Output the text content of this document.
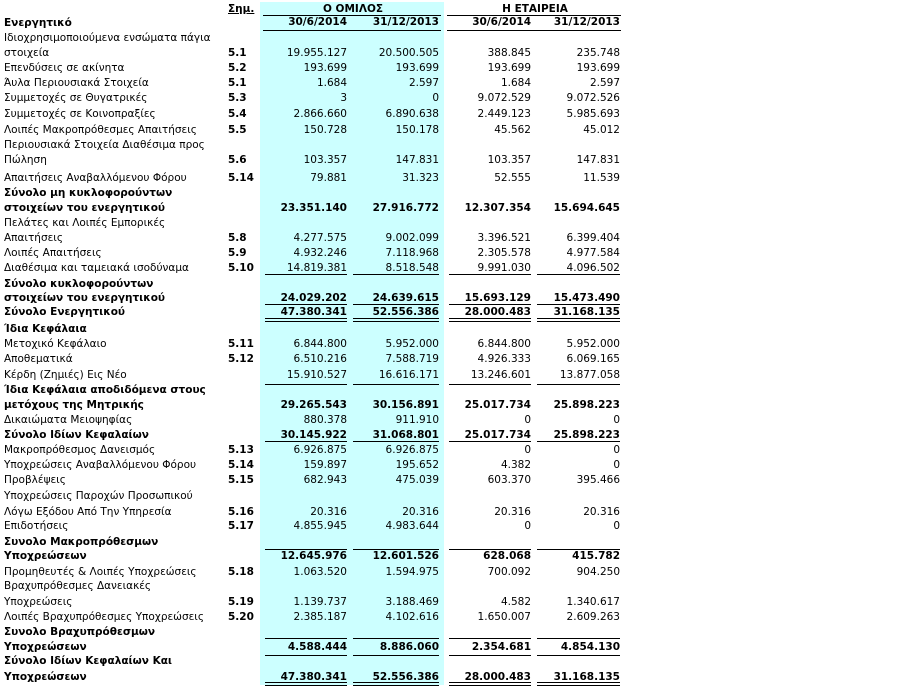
Σημ.	Ο ΟΜΙΛΟΣ	Η ΕΤΑΙΡΕΙΑ
30/6/2014	31/12/2013	30/6/2014	31/12/2013
Ενεργητικό
Ιδιοχρησιμοποιούμενα ενσώματα πάγια
στοιχεία	5.1	19.955.127	20.500.505	388.845	235.748
Επενδύσεις σε ακίνητα	5.2	193.699	193.699	193.699	193.699
Άυλα Περιουσιακά Στοιχεία	5.1	1.684	2.597	1.684	2.597
Συμμετοχές σε Θυγατρικές	5.3	3	0	9.072.529	9.072.526
Συμμετοχές σε Κοινοπραξίες	5.4	2.866.660	6.890.638	2.449.123	5.985.693
Λοιπές Μακροπρόθεσμες Απαιτήσεις	5.5	150.728	150.178	45.562	45.012
Περιουσιακά Στοιχεία Διαθέσιμα προς
Πώληση	5.6	103.357	147.831	103.357	147.831
Απαιτήσεις Αναβαλλόμενου Φόρου	5.14	79.881	31.323	52.555	11.539
Σύνολο μη κυκλοφορούντων
στοιχείων του ενεργητικού	23.351.140	27.916.772	12.307.354	15.694.645
Πελάτες και Λοιπές Εμπορικές
Απαιτήσεις	5.8	4.277.575	9.002.099	3.396.521	6.399.404
Λοιπές Απαιτήσεις	5.9	4.932.246	7.118.968	2.305.578	4.977.584
Διαθέσιμα και ταμειακά ισοδύναμα	5.10	14.819.381	8.518.548	9.991.030	4.096.502
Σύνολο κυκλοφορούντων
στοιχείων του ενεργητικού	24.029.202	24.639.615	15.693.129	15.473.490
Σύνολο Ενεργητικού	47.380.341	52.556.386	28.000.483	31.168.135
Ίδια Κεφάλαια
Μετοχικό Κεφάλαιο	5.11	6.844.800	5.952.000	6.844.800	5.952.000
Αποθεματικά	5.12	6.510.216	7.588.719	4.926.333	6.069.165
Κέρδη (Ζημιές) Εις Νέο	15.910.527	16.616.171	13.246.601	13.877.058
Ίδια Κεφάλαια αποδιδόμενα στους
μετόχους της Μητρικής	29.265.543	30.156.891	25.017.734	25.898.223
Δικαιώματα Μειοψηφίας	880.378	911.910	0	0
Σύνολο Ιδίων Κεφαλαίων	30.145.922	31.068.801	25.017.734	25.898.223
Μακροπρόθεσμος Δανεισμός	5.13	6.926.875	6.926.875	0	0
Υποχρεώσεις Αναβαλλόμενου Φόρου	5.14	159.897	195.652	4.382	0
Προβλέψεις	5.15	682.943	475.039	603.370	395.466
Υποχρεώσεις Παροχών Προσωπικού
Λόγω Εξόδου Από Την Υπηρεσία	5.16	20.316	20.316	20.316	20.316
Επιδοτήσεις	5.17	4.855.945	4.983.644	0	0
Συνολο Μακροπρόθεσμων
Υποχρεώσεων	12.645.976	12.601.526	628.068	415.782
Προμηθευτές & Λοιπές Υποχρεώσεις	5.18	1.063.520	1.594.975	700.092	904.250
Βραχυπρόθεσμες Δανειακές
Υποχρεώσεις	5.19	1.139.737	3.188.469	4.582	1.340.617
Λοιπές Βραχυπρόθεσμες Υποχρεώσεις 5.20	2.385.187	4.102.616	1.650.007	2.609.263
Συνολο Βραχυπρόθεσμων
Υποχρεώσεων	4.588.444	8.886.060	2.354.681	4.854.130
Σύνολο Ιδίων Κεφαλαίων Και
Υποχρεώσεων	47.380.341	52.556.386	28.000.483	31.168.135
